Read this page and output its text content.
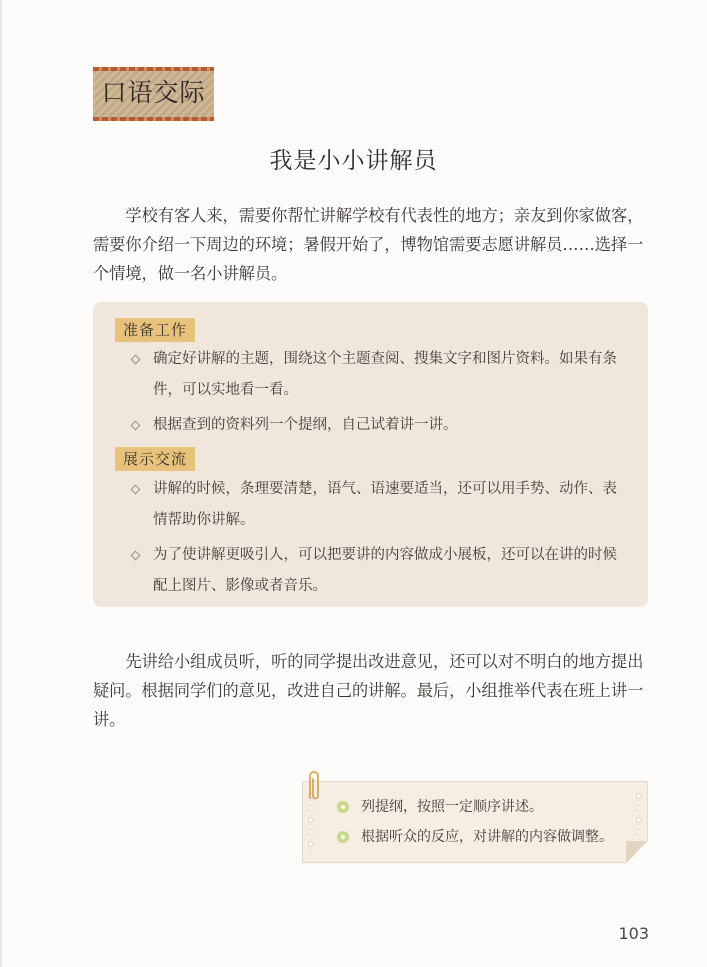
口语交际
我是小小讲解员

学校有客人来，需要你帮忙讲解学校有代表性的地方；亲友到你家做客，需要你介绍一下周边的环境；暑假开始了，博物馆需要志愿讲解员……选择一个情境，做一名小讲解员。

准备工作
确定好讲解的主题，围绕这个主题查阅、搜集文字和图片资料。如果有条件，可以实地看一看。
根据查到的资料列一个提纲，自己试着讲一讲。
展示交流
讲解的时候，条理要清楚，语气、语速要适当，还可以用手势、动作、表情帮助你讲解。
为了使讲解更吸引人，可以把要讲的内容做成小展板，还可以在讲的时候配上图片、影像或者音乐。

先讲给小组成员听，听的同学提出改进意见，还可以对不明白的地方提出疑问。根据同学们的意见，改进自己的讲解。最后，小组推举代表在班上讲一讲。

列提纲，按照一定顺序讲述。
根据听众的反应，对讲解的内容做调整。
103
